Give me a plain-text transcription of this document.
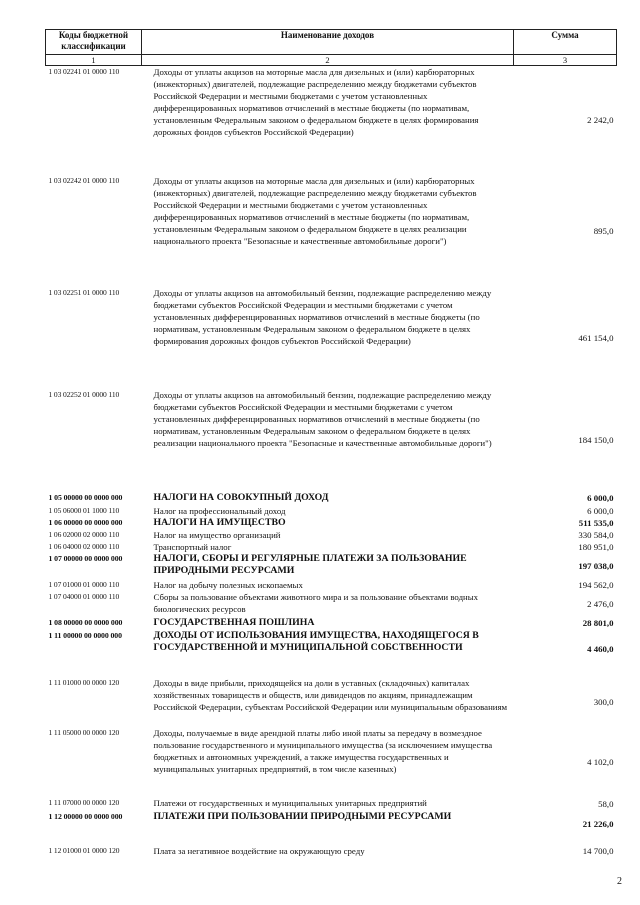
Коды бюджетной классификации	Наименование доходов	Сумма
1	2	3
1 03 02241 01 0000 110	Доходы от уплаты акцизов на моторные масла для дизельных и (или) карбюраторных (инжекторных) двигателей, подлежащие распределению между бюджетами субъектов Российской Федерации и местными бюджетами с учетом установленных дифференцированных нормативов отчислений в местные бюджеты (по нормативам, установленным Федеральным законом о федеральном бюджете в целях формирования дорожных фондов субъектов Российской Федерации)	2 242,0
1 03 02242 01 0000 110	Доходы от уплаты акцизов на моторные масла для дизельных и (или) карбюраторных (инжекторных) двигателей, подлежащие распределению между бюджетами субъектов Российской Федерации и местными бюджетами с учетом установленных дифференцированных нормативов отчислений в местные бюджеты (по нормативам, установленным Федеральным законом о федеральном бюджете в целях реализации национального проекта "Безопасные и качественные автомобильные дороги")	895,0
1 03 02251 01 0000 110	Доходы от уплаты акцизов на автомобильный бензин, подлежащие распределению между бюджетами субъектов Российской Федерации и местными бюджетами с учетом установленных дифференцированных нормативов отчислений в местные бюджеты (по нормативам, установленным Федеральным законом о федеральном бюджете в целях формирования дорожных фондов субъектов Российской Федерации)	461 154,0
1 03 02252 01 0000 110	Доходы от уплаты акцизов на автомобильный бензин, подлежащие распределению между бюджетами субъектов Российской Федерации и местными бюджетами с учетом установленных дифференцированных нормативов отчислений в местные бюджеты (по нормативам, установленным Федеральным законом о федеральном бюджете в целях реализации национального проекта "Безопасные и качественные автомобильные дороги")	184 150,0
1 05 00000 00 0000 000	НАЛОГИ НА СОВОКУПНЫЙ ДОХОД	6 000,0
1 05 06000 01 1000 110	Налог на профессиональный доход	6 000,0
1 06 00000 00 0000 000	НАЛОГИ НА ИМУЩЕСТВО	511 535,0
1 06 02000 02 0000 110	Налог на имущество организаций	330 584,0
1 06 04000 02 0000 110	Транспортный налог	180 951,0
1 07 00000 00 0000 000	НАЛОГИ, СБОРЫ И РЕГУЛЯРНЫЕ ПЛАТЕЖИ ЗА ПОЛЬЗОВАНИЕ ПРИРОДНЫМИ РЕСУРСАМИ	197 038,0
1 07 01000 01 0000 110	Налог на добычу полезных ископаемых	194 562,0
1 07 04000 01 0000 110	Сборы за пользование объектами животного мира и за пользование объектами водных биологических ресурсов	2 476,0
1 08 00000 00 0000 000	ГОСУДАРСТВЕННАЯ ПОШЛИНА	28 801,0
1 11 00000 00 0000 000	ДОХОДЫ ОТ ИСПОЛЬЗОВАНИЯ ИМУЩЕСТВА, НАХОДЯЩЕГОСЯ В ГОСУДАРСТВЕННОЙ И МУНИЦИПАЛЬНОЙ СОБСТВЕННОСТИ	4 460,0

1 11 01000 00 0000 120	Доходы в виде прибыли, приходящейся на доли в уставных (складочных) капиталах хозяйственных товариществ и обществ, или дивидендов по акциям, принадлежащим Российской Федерации, субъектам Российской Федерации или муниципальным образованиям	300,0
1 11 05000 00 0000 120	Доходы, получаемые в виде арендной платы либо иной платы за передачу в возмездное пользование государственного и муниципального имущества (за исключением имущества бюджетных и автономных учреждений, а также имущества государственных и муниципальных унитарных предприятий, в том числе казенных)	4 102,0
1 11 07000 00 0000 120	Платежи от государственных и муниципальных унитарных предприятий	58,0
1 12 00000 00 0000 000	ПЛАТЕЖИ ПРИ ПОЛЬЗОВАНИИ ПРИРОДНЫМИ РЕСУРСАМИ	21 226,0

1 12 01000 01 0000 120	Плата за негативное воздействие на окружающую среду	14 700,0
2
